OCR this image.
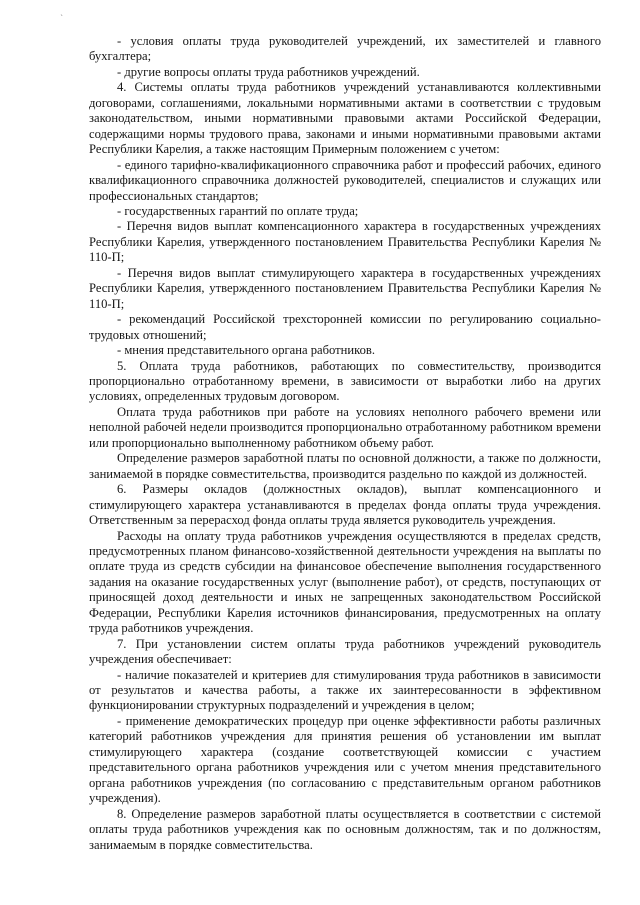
ˋ

- условия оплаты труда руководителей учреждений, их заместителей и главного бухгалтера;

- другие вопросы оплаты труда работников учреждений.

4. Системы оплаты труда работников учреждений устанавливаются коллективными договорами, соглашениями, локальными нормативными актами в соответствии с трудовым законодательством, иными нормативными правовыми актами Российской Федерации, содержащими нормы трудового права, законами и иными нормативными правовыми актами Республики Карелия, а также настоящим Примерным положением с учетом:

- единого тарифно-квалификационного справочника работ и профессий рабочих, единого квалификационного справочника должностей руководителей, специалистов и служащих или профессиональных стандартов;

- государственных гарантий по оплате труда;

- Перечня видов выплат компенсационного характера в государственных учреждениях Республики Карелия, утвержденного постановлением Правительства Республики Карелия № 110-П;

- Перечня видов выплат стимулирующего характера в государственных учреждениях Республики Карелия, утвержденного постановлением Правительства Республики Карелия № 110-П;

- рекомендаций Российской трехсторонней комиссии по регулированию социально-трудовых отношений;

- мнения представительного органа работников.

5. Оплата труда работников, работающих по совместительству, производится пропорционально отработанному времени, в зависимости от выработки либо на других условиях, определенных трудовым договором.

Оплата труда работников при работе на условиях неполного рабочего времени или неполной рабочей недели производится пропорционально отработанному работником времени или пропорционально выполненному работником объему работ.

Определение размеров заработной платы по основной должности, а также по должности, занимаемой в порядке совместительства, производится раздельно по каждой из должностей.

6. Размеры окладов (должностных окладов), выплат компенсационного и стимулирующего характера устанавливаются в пределах фонда оплаты труда учреждения. Ответственным за перерасход фонда оплаты труда является руководитель учреждения.

Расходы на оплату труда работников учреждения осуществляются в пределах средств, предусмотренных планом финансово-хозяйственной деятельности учреждения на выплаты по оплате труда из средств субсидии на финансовое обеспечение выполнения государственного задания на оказание государственных услуг (выполнение работ), от средств, поступающих от приносящей доход деятельности и иных не запрещенных законодательством Российской Федерации, Республики Карелия источников финансирования, предусмотренных на оплату труда работников учреждения.

7. При установлении систем оплаты труда работников учреждений руководитель учреждения обеспечивает:

- наличие показателей и критериев для стимулирования труда работников в зависимости от результатов и качества работы, а также их заинтересованности в эффективном функционировании структурных подразделений и учреждения в целом;

- применение демократических процедур при оценке эффективности работы различных категорий работников учреждения для принятия решения об установлении им выплат стимулирующего характера (создание соответствующей комиссии с участием представительного органа работников учреждения или с учетом мнения представительного органа работников учреждения (по согласованию с представительным органом работников учреждения).

8. Определение размеров заработной платы осуществляется в соответствии с системой оплаты труда работников учреждения как по основным должностям, так и по должностям, занимаемым в порядке совместительства.
